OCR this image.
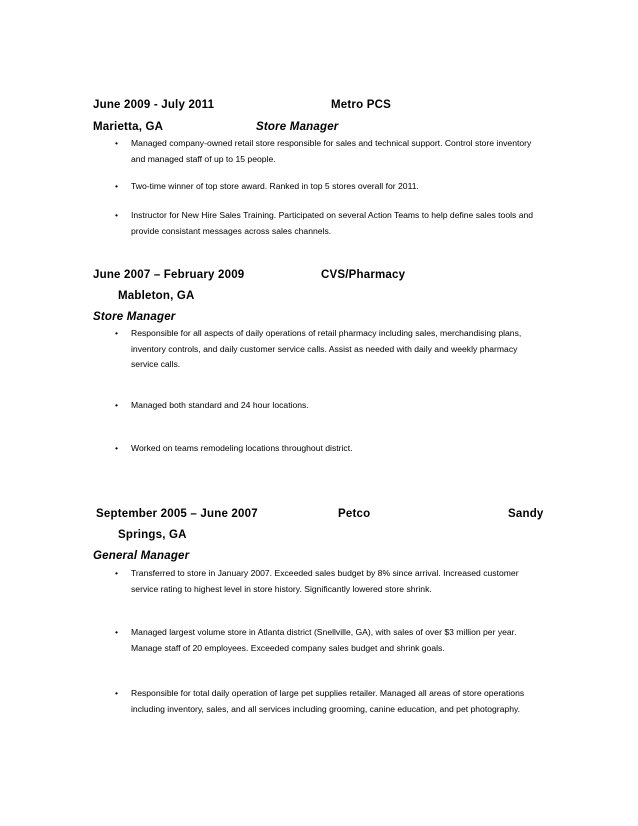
June 2009 - July 2011	Metro PCS
Marietta, GA	Store Manager
• Managed company-owned retail store responsible for sales and technical support. Control store inventory and managed staff of up to 15 people.
• Two-time winner of top store award. Ranked in top 5 stores overall for 2011.
• Instructor for New Hire Sales Training. Participated on several Action Teams to help define sales tools and provide consistant messages across sales channels.
June 2007 – February 2009	CVS/Pharmacy
Mableton, GA
Store Manager
• Responsible for all aspects of daily operations of retail pharmacy including sales, merchandising plans, inventory controls, and daily customer service calls. Assist as needed with daily and weekly pharmacy service calls.
• Managed both standard and 24 hour locations.
• Worked on teams remodeling locations throughout district.
September 2005 – June 2007	Petco	Sandy
Springs, GA
General Manager
• Transferred to store in January 2007. Exceeded sales budget by 8% since arrival. Increased customer service rating to highest level in store history. Significantly lowered store shrink.
• Managed largest volume store in Atlanta district (Snellville, GA), with sales of over $3 million per year. Manage staff of 20 employees. Exceeded company sales budget and shrink goals.
• Responsible for total daily operation of large pet supplies retailer. Managed all areas of store operations including inventory, sales, and all services including grooming, canine education, and pet photography.
